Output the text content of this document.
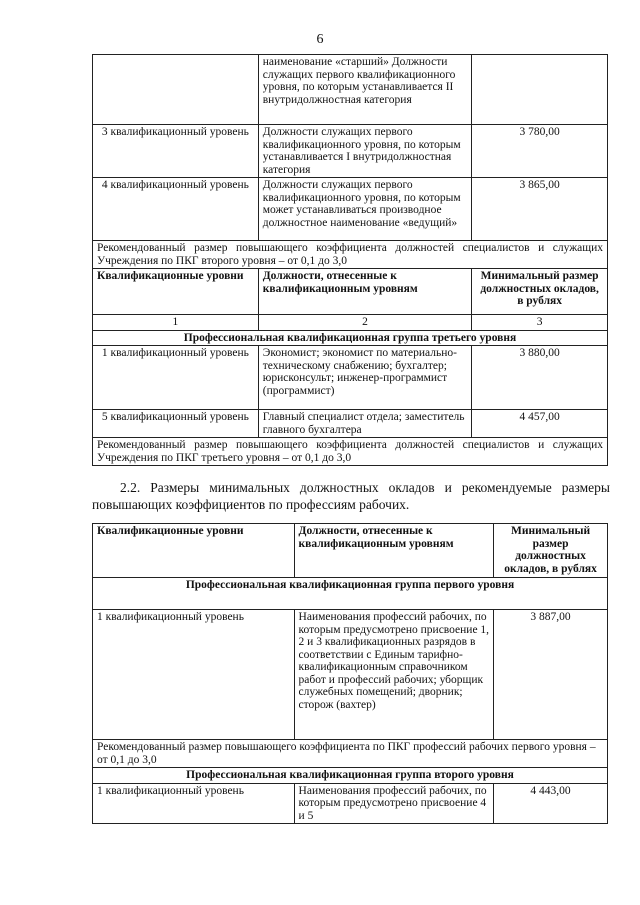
6
	наименование «старший» Должности служащих первого квалификационного уровня, по которым устанавливается II внутридолжностная категория	
3 квалификационный уровень	Должности служащих первого квалификационного уровня, по которым устанавливается I внутридолжностная категория	3 780,00
4 квалификационный уровень	Должности служащих первого квалификационного уровня, по которым может устанавливаться производное должностное наименование «ведущий»	3 865,00
Рекомендованный размер повышающего коэффициента должностей специалистов и служащих Учреждения по ПКГ второго уровня – от 0,1 до 3,0		
Квалификационные уровни	Должности, отнесенные к квалификационным уровням	Минимальный размер должностных окладов, в рублях
1	2	3
Профессиональная квалификационная группа третьего уровня		
1 квалификационный уровень	Экономист; экономист по материально-техническому снабжению; бухгалтер; юрисконсульт; инженер-программист (программист)	3 880,00
5 квалификационный уровень	Главный специалист отдела; заместитель главного бухгалтера	4 457,00
Рекомендованный размер повышающего коэффициента должностей специалистов и служащих Учреждения по ПКГ третьего уровня – от 0,1 до 3,0		
2.2. Размеры минимальных должностных окладов и рекомендуемые размеры повышающих коэффициентов по профессиям рабочих.
Квалификационные уровни	Должности, отнесенные к квалификационным уровням	Минимальный размер должностных окладов, в рублях
Профессиональная квалификационная группа первого уровня		
1 квалификационный уровень	Наименования профессий рабочих, по которым предусмотрено присвоение 1, 2 и 3 квалификационных разрядов в соответствии с Единым тарифно-квалификационным справочником работ и профессий рабочих; уборщик служебных помещений; дворник; сторож (вахтер)	3 887,00
Рекомендованный размер повышающего коэффициента по ПКГ профессий рабочих первого уровня – от 0,1 до 3,0		
Профессиональная квалификационная группа второго уровня		
1 квалификационный уровень	Наименования профессий рабочих, по которым предусмотрено присвоение 4 и 5	4 443,00
